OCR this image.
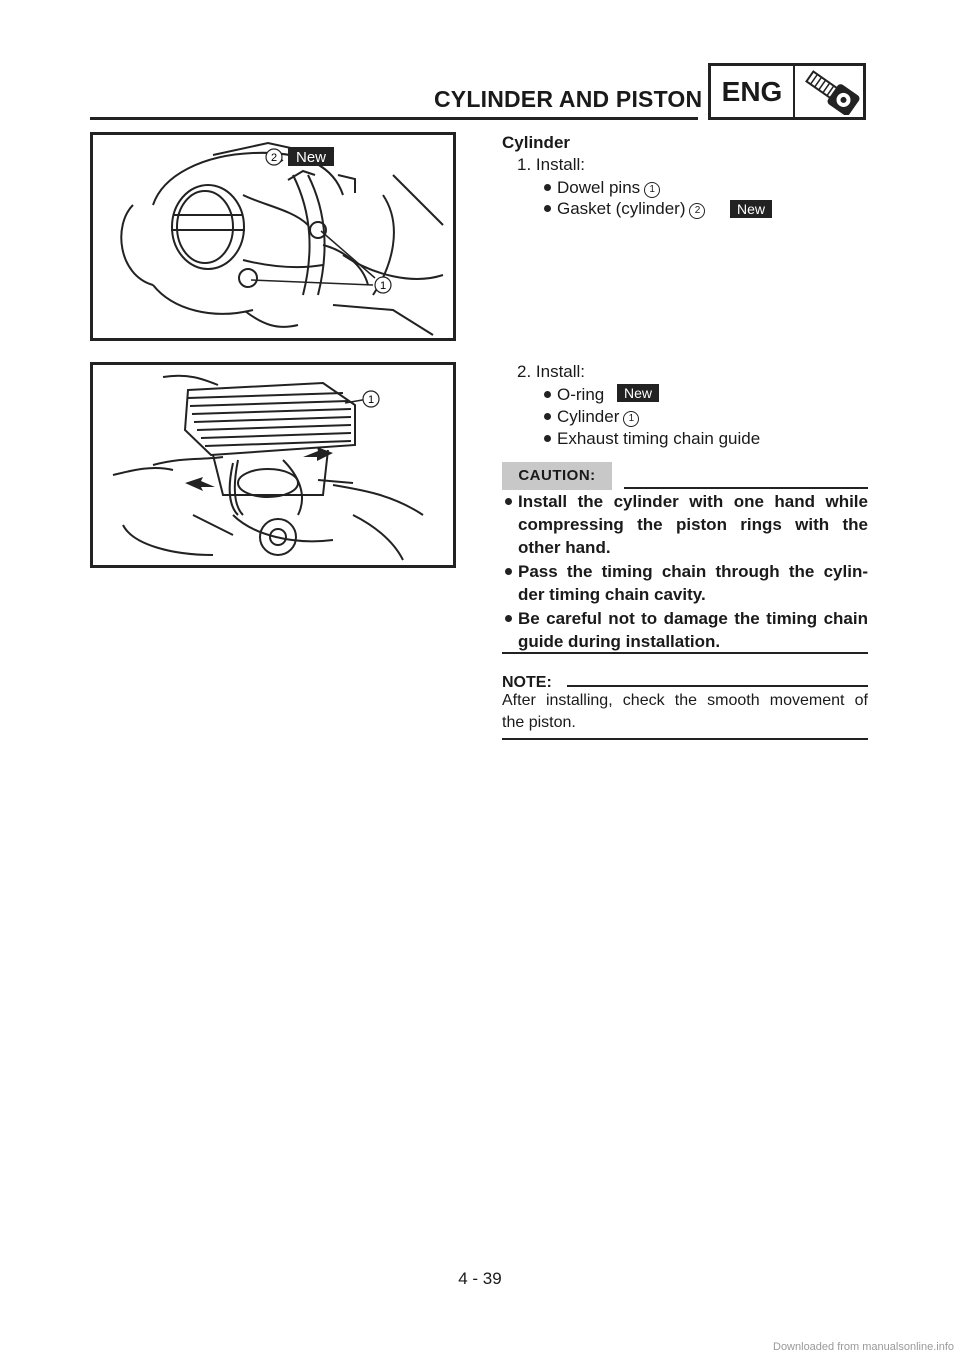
CYLINDER AND PISTON ENG
1
2 New
1
Cylinder
1. Install:
Dowel pins 1
Gasket (cylinder) 2	New
2. Install:
O-ring	New
Cylinder 1
Exhaust timing chain guide
CAUTION:
Install the cylinder with one hand while
compressing the piston rings with the
other hand.
Pass the timing chain through the cylin-
der timing chain cavity.
Be careful not to damage the timing chain
guide during installation.
NOTE:
After installing, check the smooth movement of
the piston.
4 - 39
Downloaded from manualsonline.info
